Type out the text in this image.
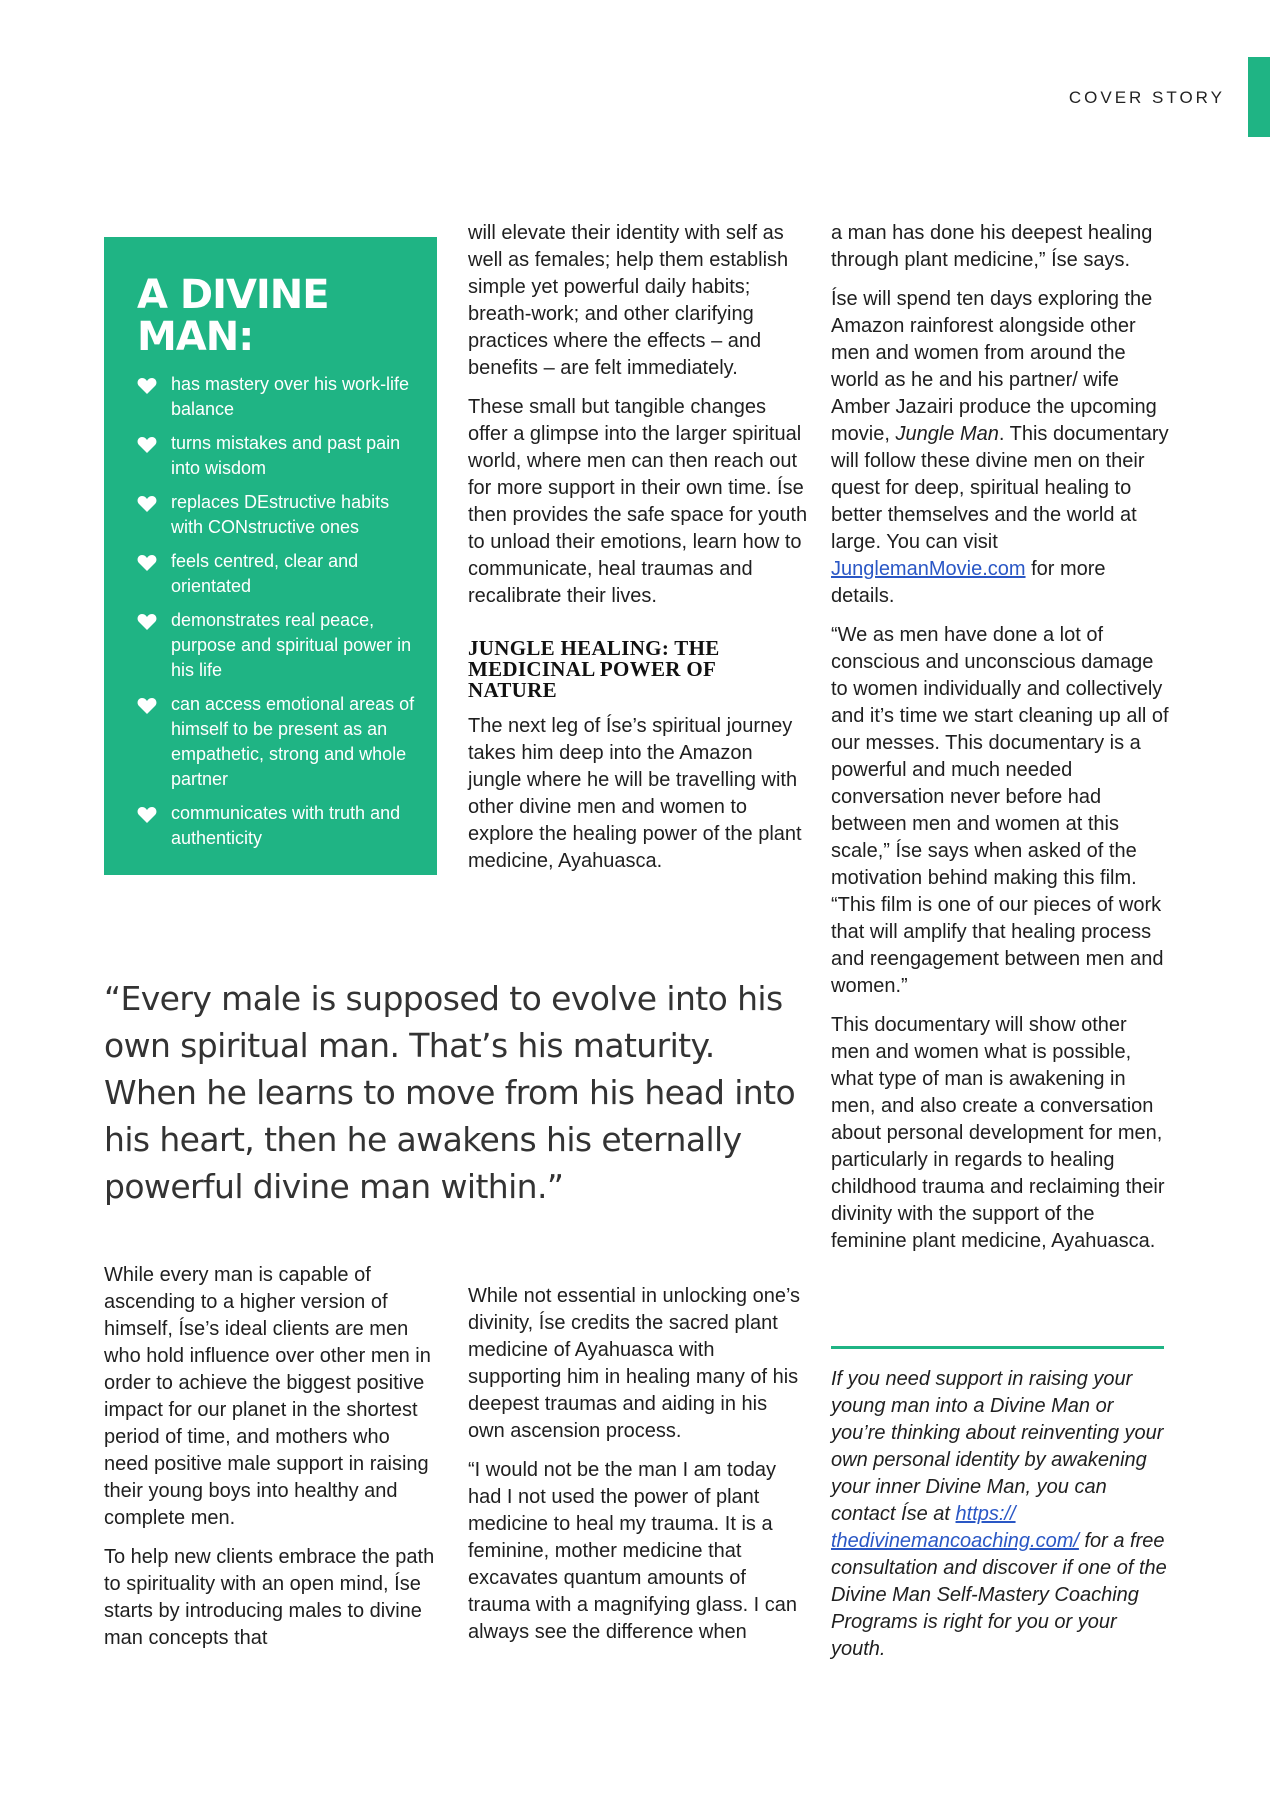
COVER STORY
A DIVINE MAN:
has mastery over his work-life balance
turns mistakes and past pain into wisdom
replaces DEstructive habits with CONstructive ones
feels centred, clear and orientated
demonstrates real peace, purpose and spiritual power in his life
can access emotional areas of himself to be present as an empathetic, strong and whole partner
communicates with truth and authenticity

will elevate their identity with self as well as females; help them establish simple yet powerful daily habits; breath-work; and other clarifying practices where the effects – and benefits – are felt immediately.

These small but tangible changes offer a glimpse into the larger spiritual world, where men can then reach out for more support in their own time. Íse then provides the safe space for youth to unload their emotions, learn how to communicate, heal traumas and recalibrate their lives.

JUNGLE HEALING: THE MEDICINAL POWER OF NATURE

The next leg of Íse’s spiritual journey takes him deep into the Amazon jungle where he will be travelling with other divine men and women to explore the healing power of the plant medicine, Ayahuasca.

a man has done his deepest healing through plant medicine,” Íse says.

Íse will spend ten days exploring the Amazon rainforest alongside other men and women from around the world as he and his partner/ wife Amber Jazairi produce the upcoming movie, Jungle Man. This documentary will follow these divine men on their quest for deep, spiritual healing to better themselves and the world at large. You can visit JunglemanMovie.com for more details.

“We as men have done a lot of conscious and unconscious damage to women individually and collectively and it’s time we start cleaning up all of our messes. This documentary is a powerful and much needed conversation never before had between men and women at this scale,” Íse says when asked of the motivation behind making this film. “This film is one of our pieces of work that will amplify that healing process and reengagement between men and women.”

This documentary will show other men and women what is possible, what type of man is awakening in men, and also create a conversation about personal development for men, particularly in regards to healing childhood trauma and reclaiming their divinity with the support of the feminine plant medicine, Ayahuasca.

“Every male is supposed to evolve into his own spiritual man. That’s his maturity. When he learns to move from his head into his heart, then he awakens his eternally powerful divine man within.”

While every man is capable of ascending to a higher version of himself, Íse’s ideal clients are men who hold influence over other men in order to achieve the biggest positive impact for our planet in the shortest period of time, and mothers who need positive male support in raising their young boys into healthy and complete men.

To help new clients embrace the path to spirituality with an open mind, Íse starts by introducing males to divine man concepts that

While not essential in unlocking one’s divinity, Íse credits the sacred plant medicine of Ayahuasca with supporting him in healing many of his deepest traumas and aiding in his own ascension process.

“I would not be the man I am today had I not used the power of plant medicine to heal my trauma. It is a feminine, mother medicine that excavates quantum amounts of trauma with a magnifying glass. I can always see the difference when

If you need support in raising your young man into a Divine Man or you’re thinking about reinventing your own personal identity by awakening your inner Divine Man, you can contact Íse at https:// thedivinemancoaching.com/ for a free consultation and discover if one of the Divine Man Self-Mastery Coaching Programs is right for you or your youth.
